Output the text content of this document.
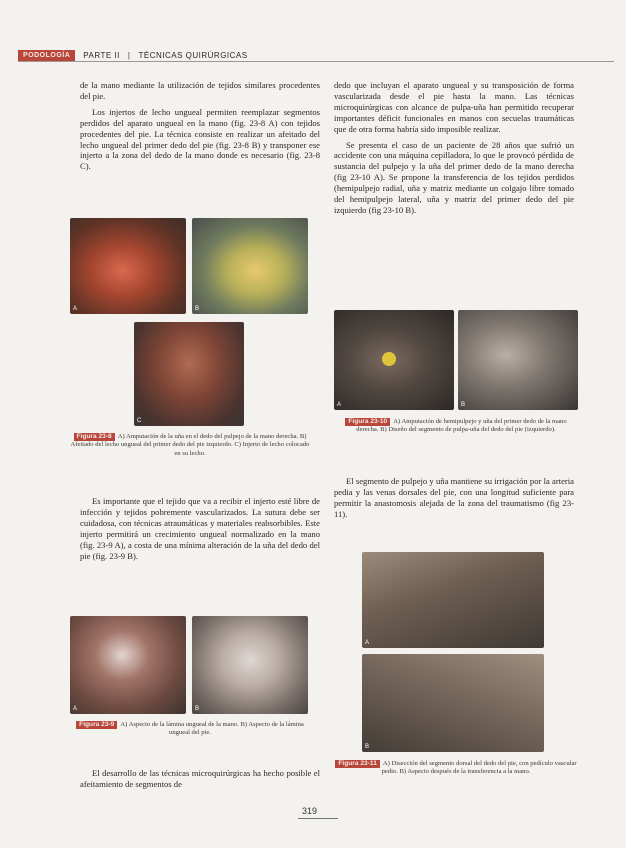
PODOLOGÍA	PARTE II | TÉCNICAS QUIRÚRGICAS

de la mano mediante la utilización de tejidos similares procedentes del pie.

Los injertos de lecho ungueal permiten reemplazar segmentos perdidos del aparato ungueal en la mano (fig. 23-8 A) con tejidos procedentes del pie. La técnica consiste en realizar un afeitado del lecho ungueal del primer dedo del pie (fig. 23-8 B) y transponer ese injerto a la zona del dedo de la mano donde es necesario (fig. 23-8 C).

A	B
C
Figura 23-8 A) Amputación de la uña en el dedo del pulpejo de la mano derecha. B) Afeitado del lecho ungueal del primer dedo del pie izquierdo. C) Injerto de lecho colocado en su lecho.

Es importante que el tejido que va a recibir el injerto esté libre de infección y tejidos pobremente vascularizados. La sutura debe ser cuidadosa, con técnicas atraumáticas y materiales reabsorbibles. Este injerto permitirá un crecimiento ungueal normalizado en la mano (fig. 23-9 A), a costa de una mínima alteración de la uña del dedo del pie (fig. 23-9 B).

A	B
Figura 23-9 A) Aspecto de la lámina ungueal de la mano. B) Aspecto de la lámina ungueal del pie.

El desarrollo de las técnicas microquirúrgicas ha hecho posible el afeitamiento de segmentos de

dedo que incluyan el aparato ungueal y su transposición de forma vascularizada desde el pie hasta la mano. Las técnicas microquirúrgicas con alcance de pulpa-uña han permitido recuperar importantes déficit funcionales en manos con secuelas traumáticas que de otra forma habría sido imposible realizar.

Se presenta el caso de un paciente de 28 años que sufrió un accidente con una máquina cepilladora, lo que le provocó pérdida de sustancia del pulpejo y la uña del primer dedo de la mano derecha (fig 23-10 A). Se propone la transferencia de los tejidos perdidos (hemipulpejo radial, uña y matriz mediante un colgajo libre tomado del hemipulpejo lateral, uña y matriz del primer dedo del pie izquierdo (fig 23-10 B).

A	B
Figura 23-10 A) Amputación de hemipulpejo y uña del primer dedo de la mano derecha. B) Diseño del segmento de pulpa-uña del dedo del pie (izquierdo).

El segmento de pulpejo y uña mantiene su irrigación por la arteria pedia y las venas dorsales del pie, con una longitud suficiente para permitir la anastomosis alejada de la zona del traumatismo (fig 23-11).

A
B
Figura 23-11 A) Disección del segmento dorsal del dedo del pie, con pedículo vascular pedio. B) Aspecto después de la transferencia a la mano.
319
